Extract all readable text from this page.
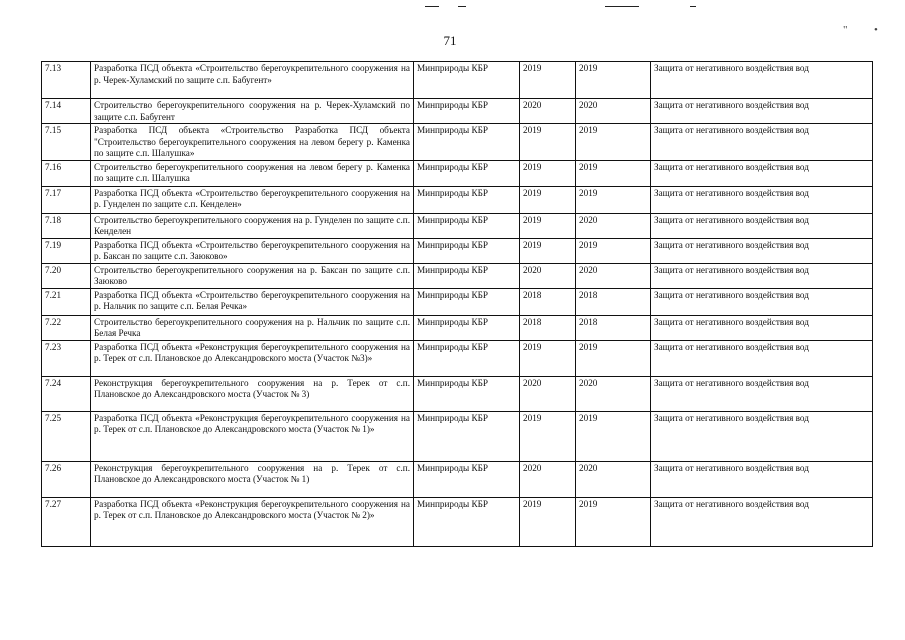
" •
71
7.13	Разработка ПСД объекта «Строительство берегоукрепительного сооружения на р. Черек-Хуламский по защите с.п. Бабугент»	Минприроды КБР	2019	2019	Защита от негативного воздействия вод
7.14	Строительство берегоукрепительного сооружения на р. Черек-Хуламский по защите с.п. Бабугент	Минприроды КБР	2020	2020	Защита от негативного воздействия вод
7.15	Разработка ПСД объекта «Строительство Разработка ПСД объекта "Строительство берегоукрепительного сооружения на левом берегу р. Каменка по защите с.п. Шалушка»	Минприроды КБР	2019	2019	Защита от негативного воздействия вод
7.16	Строительство берегоукрепительного сооружения на левом берегу р. Каменка по защите с.п. Шалушка	Минприроды КБР	2019	2019	Защита от негативного воздействия вод
7.17	Разработка ПСД объекта «Строительство берегоукрепительного сооружения на р. Гунделен по защите с.п. Кенделен»	Минприроды КБР	2019	2019	Защита от негативного воздействия вод
7.18	Строительство берегоукрепительного сооружения на р. Гунделен по защите с.п. Кенделен	Минприроды КБР	2019	2020	Защита от негативного воздействия вод
7.19	Разработка ПСД объекта «Строительство берегоукрепительного сооружения на р. Баксан по защите с.п. Заюково»	Минприроды КБР	2019	2019	Защита от негативного воздействия вод
7.20	Строительство берегоукрепительного сооружения на р. Баксан по защите с.п. Заюково	Минприроды КБР	2020	2020	Защита от негативного воздействия вод
7.21	Разработка ПСД объекта «Строительство берегоукрепительного сооружения на р. Нальчик по защите с.п. Белая Речка»	Минприроды КБР	2018	2018	Защита от негативного воздействия вод
7.22	Строительство берегоукрепительного сооружения на р. Нальчик по защите с.п. Белая Речка	Минприроды КБР	2018	2018	Защита от негативного воздействия вод
7.23	Разработка ПСД объекта «Реконструкция берегоукрепительного сооружения на р. Терек от с.п. Плановское до Александровского моста (Участок №3)»	Минприроды КБР	2019	2019	Защита от негативного воздействия вод
7.24	Реконструкция берегоукрепительного сооружения на р. Терек от с.п. Плановское до Александровского моста (Участок № 3)	Минприроды КБР	2020	2020	Защита от негативного воздействия вод
7.25	Разработка ПСД объекта «Реконструкция берегоукрепительного сооружения на р. Терек от с.п. Плановское до Александровского моста (Участок № 1)»	Минприроды КБР	2019	2019	Защита от негативного воздействия вод
7.26	Реконструкция берегоукрепительного сооружения на р. Терек от с.п. Плановское до Александровского моста (Участок № 1)	Минприроды КБР	2020	2020	Защита от негативного воздействия вод
7.27	Разработка ПСД объекта «Реконструкция берегоукрепительного сооружения на р. Терек от с.п. Плановское до Александровского моста (Участок № 2)»	Минприроды КБР	2019	2019	Защита от негативного воздействия вод
